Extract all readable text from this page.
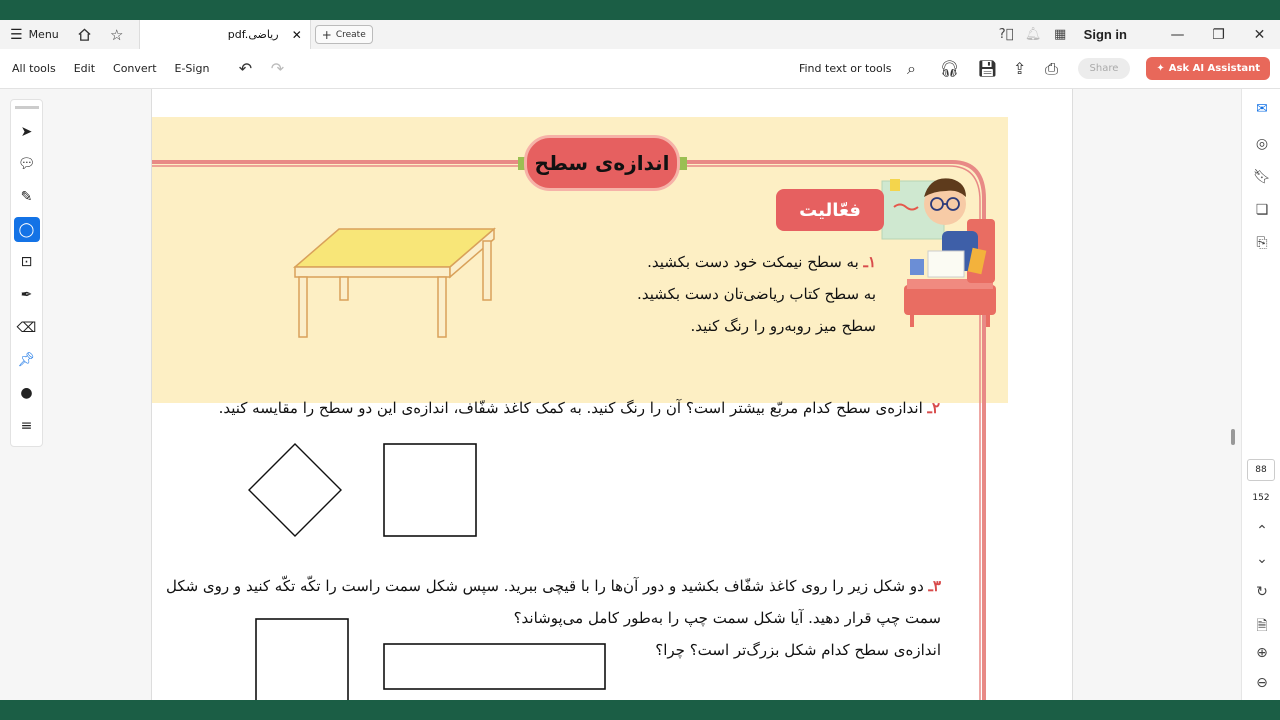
☰ Menu	☆	pdf.ریاضی ✕ + Create	?⃝ 🔔︎ ▦	Sign in	—	❐	✕
All tools Edit Convert E-Sign	↶	↷	Find text or tools ⌕	🎧︎	💾︎ ⇪	⎙	Share	✦ Ask AI Assistant
➤
💬︎
✎
◯
⊡
✒
⌫
📌︎
●
≡
اندازه‌ی سطح
فعّالیت
۱ـ به سطح نیمکت خود دست بکشید.
به سطح کتاب ریاضی‌تان دست بکشید.
سطح میز روبه‌رو را رنگ کنید.
۲ـ اندازه‌ی سطح کدام مربّع بیشتر است؟ آن را رنگ کنید. به کمک کاغذ شفّاف، اندازه‌ی این دو سطح را مقایسه کنید.
۳ـ دو شکل زیر را روی کاغذ شفّاف بکشید و دور آن‌ها را با قیچی ببرید. سپس شکل سمت راست را تکّه تکّه کنید و روی شکل
سمت چپ قرار دهید. آیا شکل سمت چپ را به‌طور کامل می‌پوشاند؟
اندازه‌ی سطح کدام شکل بزرگ‌تر است؟ چرا؟
✉
◎
🔖︎
❏
⎘
88
152
⌃
⌄
↻
🗎︎
⊕
⊖
